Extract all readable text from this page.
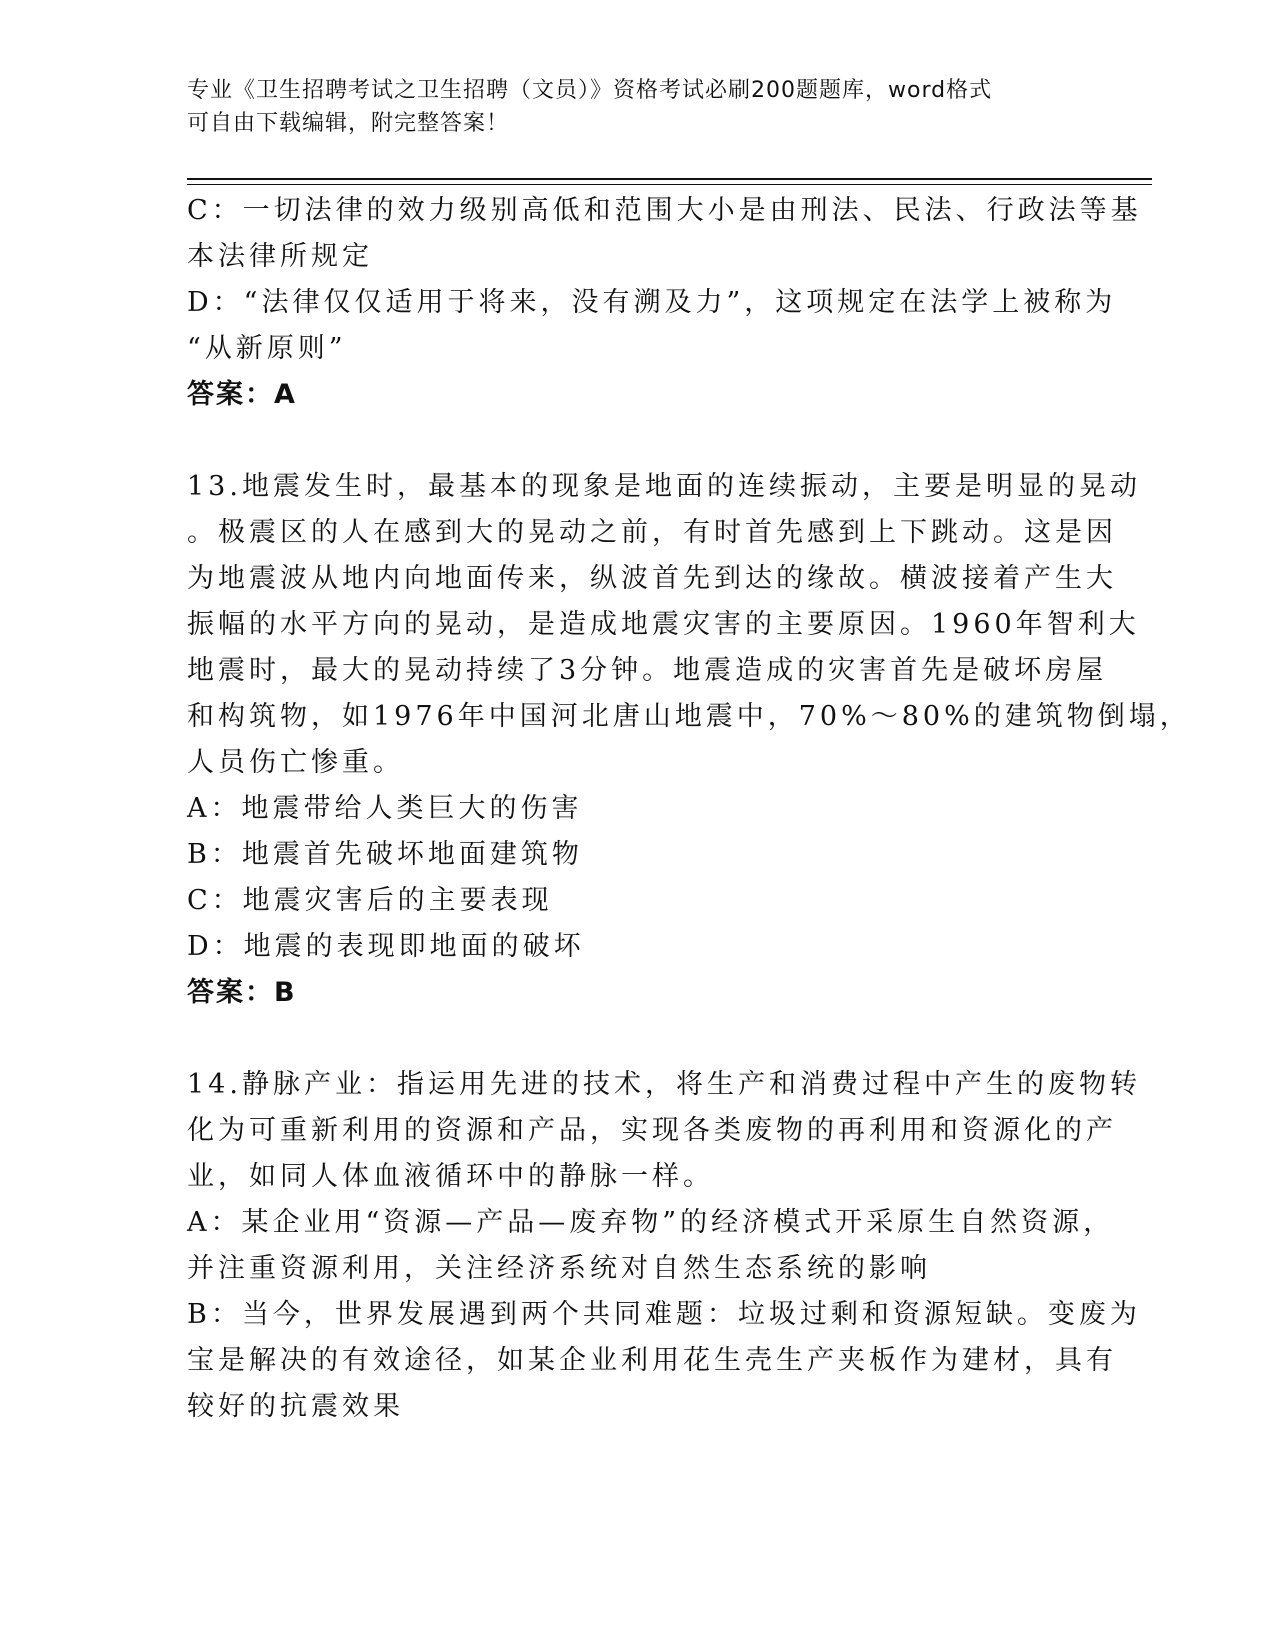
专业《卫生招聘考试之卫生招聘（文员）》资格考试必刷200题题库，word格式
可自由下载编辑，附完整答案！
C：一切法律的效力级别高低和范围大小是由刑法、民法、行政法等基
本法律所规定
D：“法律仅仅适用于将来，没有溯及力”，这项规定在法学上被称为
“从新原则”
答案：A
13.地震发生时，最基本的现象是地面的连续振动，主要是明显的晃动
。极震区的人在感到大的晃动之前，有时首先感到上下跳动。这是因
为地震波从地内向地面传来，纵波首先到达的缘故。横波接着产生大
振幅的水平方向的晃动，是造成地震灾害的主要原因。1960年智利大
地震时，最大的晃动持续了3分钟。地震造成的灾害首先是破坏房屋
和构筑物，如1976年中国河北唐山地震中，70%～80%的建筑物倒塌，
人员伤亡惨重。
A：地震带给人类巨大的伤害
B：地震首先破坏地面建筑物
C：地震灾害后的主要表现
D：地震的表现即地面的破坏
答案：B
14.静脉产业：指运用先进的技术，将生产和消费过程中产生的废物转
化为可重新利用的资源和产品，实现各类废物的再利用和资源化的产
业，如同人体血液循环中的静脉一样。
A：某企业用“资源—产品—废弃物”的经济模式开采原生自然资源，
并注重资源利用，关注经济系统对自然生态系统的影响
B：当今，世界发展遇到两个共同难题：垃圾过剩和资源短缺。变废为
宝是解决的有效途径，如某企业利用花生壳生产夹板作为建材，具有
较好的抗震效果
